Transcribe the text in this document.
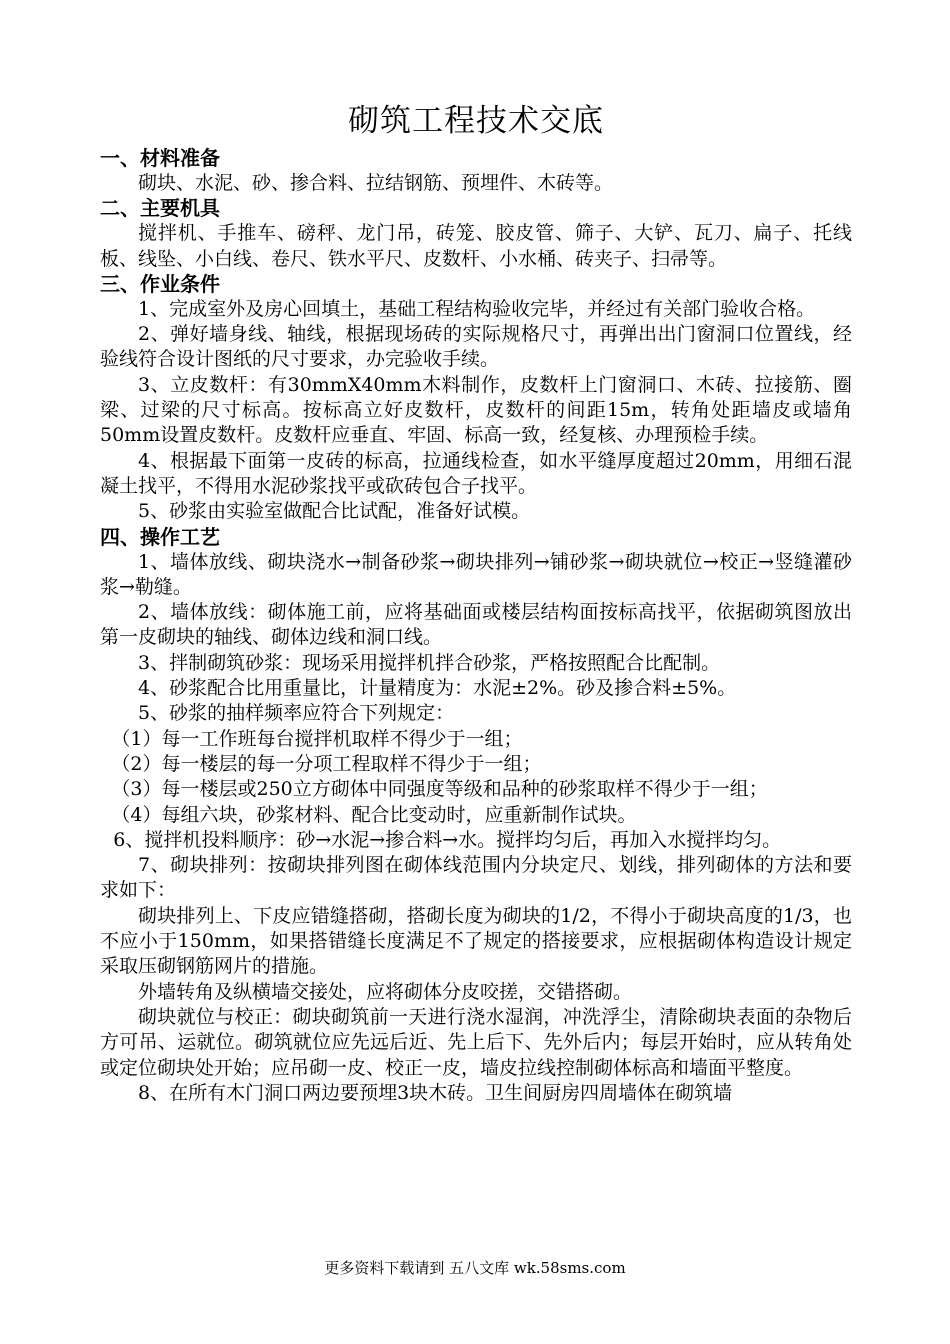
砌筑工程技术交底
一、材料准备

砌块、水泥、砂、掺合料、拉结钢筋、预埋件、木砖等。

二、主要机具

搅拌机、手推车、磅秤、龙门吊，砖笼、胶皮管、筛子、大铲、瓦刀、扁子、托线板、线坠、小白线、卷尺、铁水平尺、皮数杆、小水桶、砖夹子、扫帚等。

三、作业条件

1、完成室外及房心回填土，基础工程结构验收完毕，并经过有关部门验收合格。

2、弹好墙身线、轴线，根据现场砖的实际规格尺寸，再弹出出门窗洞口位置线，经验线符合设计图纸的尺寸要求，办完验收手续。

3、立皮数杆：有30mmX40mm木料制作，皮数杆上门窗洞口、木砖、拉接筋、圈梁、过梁的尺寸标高。按标高立好皮数杆，皮数杆的间距15m，转角处距墙皮或墙角50mm设置皮数杆。皮数杆应垂直、牢固、标高一致，经复核、办理预检手续。

4、根据最下面第一皮砖的标高，拉通线检查，如水平缝厚度超过20mm，用细石混凝土找平，不得用水泥砂浆找平或砍砖包合子找平。

5、砂浆由实验室做配合比试配，准备好试模。

四、操作工艺

1、墙体放线、砌块浇水→制备砂浆→砌块排列→铺砂浆→砌块就位→校正→竖缝灌砂浆→勒缝。

2、墙体放线：砌体施工前，应将基础面或楼层结构面按标高找平，依据砌筑图放出第一皮砌块的轴线、砌体边线和洞口线。

3、拌制砌筑砂浆：现场采用搅拌机拌合砂浆，严格按照配合比配制。

4、砂浆配合比用重量比，计量精度为：水泥±2%。砂及掺合料±5%。

5、砂浆的抽样频率应符合下列规定：

（1）每一工作班每台搅拌机取样不得少于一组；

（2）每一楼层的每一分项工程取样不得少于一组；

（3）每一楼层或250立方砌体中同强度等级和品种的砂浆取样不得少于一组；

（4）每组六块，砂浆材料、配合比变动时，应重新制作试块。

6、搅拌机投料顺序：砂→水泥→掺合料→水。搅拌均匀后，再加入水搅拌均匀。

7、砌块排列：按砌块排列图在砌体线范围内分块定尺、划线，排列砌体的方法和要求如下：

砌块排列上、下皮应错缝搭砌，搭砌长度为砌块的1/2，不得小于砌块高度的1/3，也不应小于150mm，如果搭错缝长度满足不了规定的搭接要求，应根据砌体构造设计规定采取压砌钢筋网片的措施。

外墙转角及纵横墙交接处，应将砌体分皮咬搓，交错搭砌。

砌块就位与校正：砌块砌筑前一天进行浇水湿润，冲洗浮尘，清除砌块表面的杂物后方可吊、运就位。砌筑就位应先远后近、先上后下、先外后内；每层开始时，应从转角处或定位砌块处开始；应吊砌一皮、校正一皮，墙皮拉线控制砌体标高和墙面平整度。

8、在所有木门洞口两边要预埋3块木砖。卫生间厨房四周墙体在砌筑墙

更多资料下载请到 五八文库 wk.58sms.com
